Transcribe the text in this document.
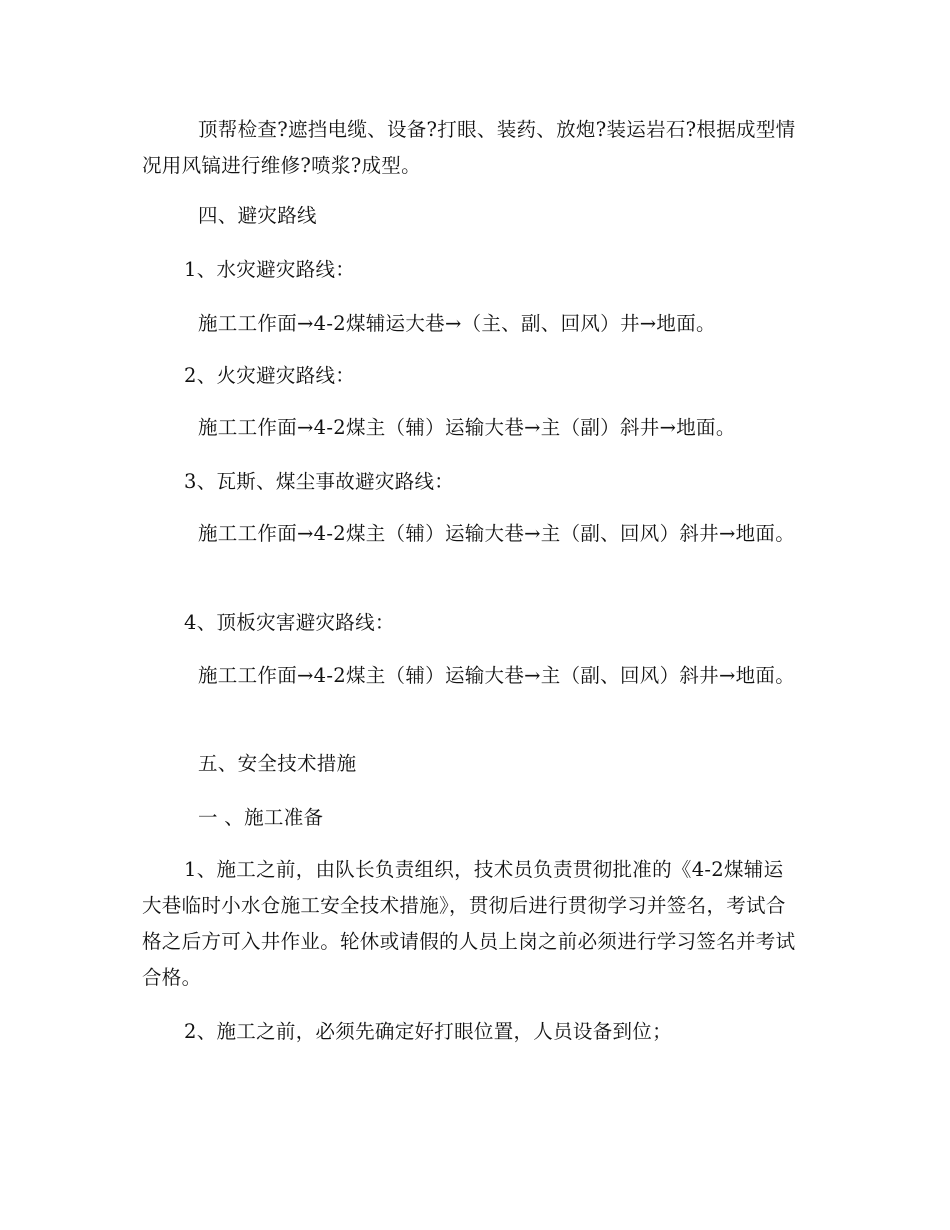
顶帮检查?遮挡电缆、设备?打眼、装药、放炮?装运岩石?根据成型情况用风镐进行维修?喷浆?成型。

四、避灾路线

1、水灾避灾路线：

施工工作面→4-2煤辅运大巷→（主、副、回风）井→地面。

2、火灾避灾路线：

施工工作面→4-2煤主（辅）运输大巷→主（副）斜井→地面。

3、瓦斯、煤尘事故避灾路线：

施工工作面→4-2煤主（辅）运输大巷→主（副、回风）斜井→地面。

4、顶板灾害避灾路线：

施工工作面→4-2煤主（辅）运输大巷→主（副、回风）斜井→地面。

五、安全技术措施

一 、施工准备

1、施工之前，由队长负责组织，技术员负责贯彻批准的《4-2煤辅运大巷临时小水仓施工安全技术措施》，贯彻后进行贯彻学习并签名，考试合格之后方可入井作业。轮休或请假的人员上岗之前必须进行学习签名并考试合格。

2、施工之前，必须先确定好打眼位置，人员设备到位；
